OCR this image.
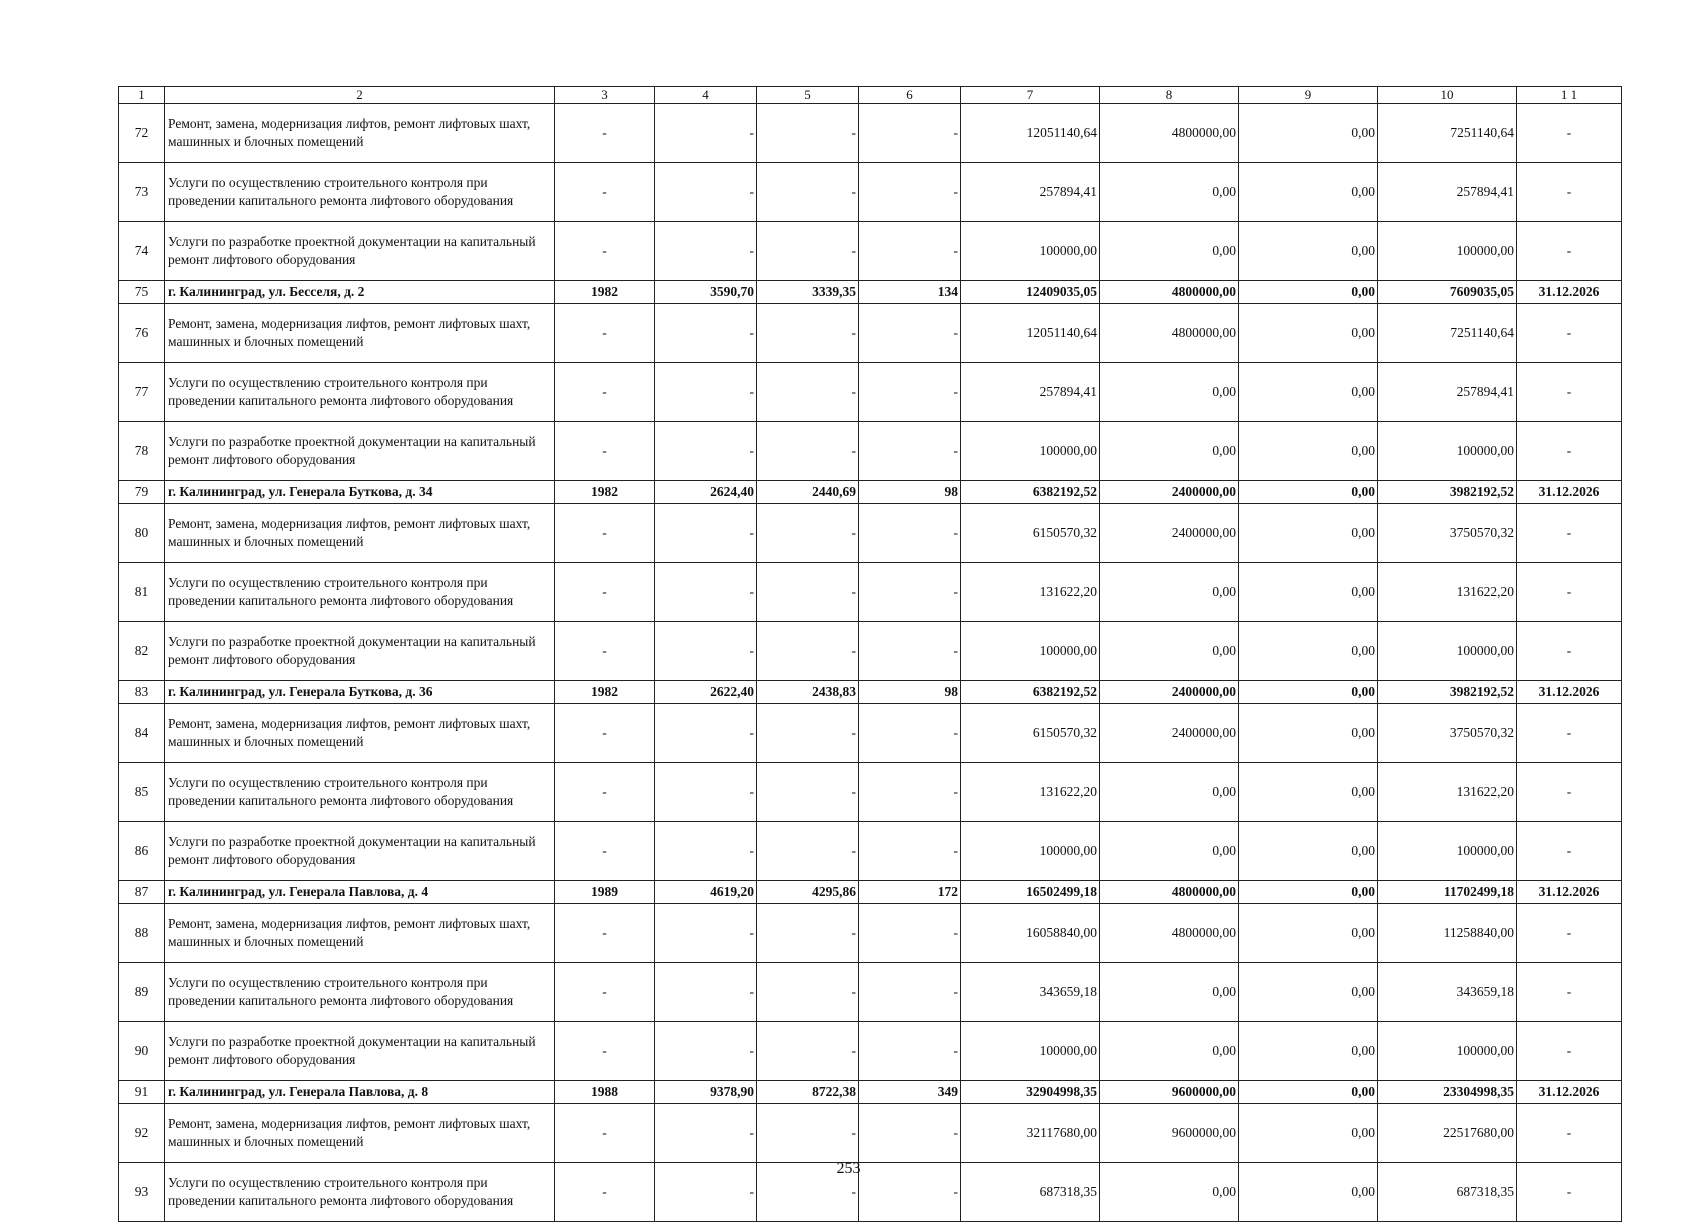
1	2	3	4	5	6	7	8	9	10	1 1
72	Ремонт, замена, модернизация лифтов, ремонт лифтовых шахт, машинных и блочных помещений	-	-	-	-	12051140,64	4800000,00	0,00	7251140,64	-
73	Услуги по осуществлению строительного контроля при проведении капитального ремонта лифтового оборудования	-	-	-	-	257894,41	0,00	0,00	257894,41	-
74	Услуги по разработке проектной документации на капитальный ремонт лифтового оборудования	-	-	-	-	100000,00	0,00	0,00	100000,00	-
75	г. Калининград, ул. Бесселя, д. 2	1982	3590,70	3339,35	134	12409035,05	4800000,00	0,00	7609035,05	31.12.2026
76	Ремонт, замена, модернизация лифтов, ремонт лифтовых шахт, машинных и блочных помещений	-	-	-	-	12051140,64	4800000,00	0,00	7251140,64	-
77	Услуги по осуществлению строительного контроля при проведении капитального ремонта лифтового оборудования	-	-	-	-	257894,41	0,00	0,00	257894,41	-
78	Услуги по разработке проектной документации на капитальный ремонт лифтового оборудования	-	-	-	-	100000,00	0,00	0,00	100000,00	-
79	г. Калининград, ул. Генерала Буткова, д. 34	1982	2624,40	2440,69	98	6382192,52	2400000,00	0,00	3982192,52	31.12.2026
80	Ремонт, замена, модернизация лифтов, ремонт лифтовых шахт, машинных и блочных помещений	-	-	-	-	6150570,32	2400000,00	0,00	3750570,32	-
81	Услуги по осуществлению строительного контроля при проведении капитального ремонта лифтового оборудования	-	-	-	-	131622,20	0,00	0,00	131622,20	-
82	Услуги по разработке проектной документации на капитальный ремонт лифтового оборудования	-	-	-	-	100000,00	0,00	0,00	100000,00	-
83	г. Калининград, ул. Генерала Буткова, д. 36	1982	2622,40	2438,83	98	6382192,52	2400000,00	0,00	3982192,52	31.12.2026
84	Ремонт, замена, модернизация лифтов, ремонт лифтовых шахт, машинных и блочных помещений	-	-	-	-	6150570,32	2400000,00	0,00	3750570,32	-
85	Услуги по осуществлению строительного контроля при проведении капитального ремонта лифтового оборудования	-	-	-	-	131622,20	0,00	0,00	131622,20	-
86	Услуги по разработке проектной документации на капитальный ремонт лифтового оборудования	-	-	-	-	100000,00	0,00	0,00	100000,00	-
87	г. Калининград, ул. Генерала Павлова, д. 4	1989	4619,20	4295,86	172	16502499,18	4800000,00	0,00	11702499,18	31.12.2026
88	Ремонт, замена, модернизация лифтов, ремонт лифтовых шахт, машинных и блочных помещений	-	-	-	-	16058840,00	4800000,00	0,00	11258840,00	-
89	Услуги по осуществлению строительного контроля при проведении капитального ремонта лифтового оборудования	-	-	-	-	343659,18	0,00	0,00	343659,18	-
90	Услуги по разработке проектной документации на капитальный ремонт лифтового оборудования	-	-	-	-	100000,00	0,00	0,00	100000,00	-
91	г. Калининград, ул. Генерала Павлова, д. 8	1988	9378,90	8722,38	349	32904998,35	9600000,00	0,00	23304998,35	31.12.2026
92	Ремонт, замена, модернизация лифтов, ремонт лифтовых шахт, машинных и блочных помещений	-	-	-	-	32117680,00	9600000,00	0,00	22517680,00	-
93	Услуги по осуществлению строительного контроля при проведении капитального ремонта лифтового оборудования	-	-	-	-	687318,35	0,00	0,00	687318,35	-
253
